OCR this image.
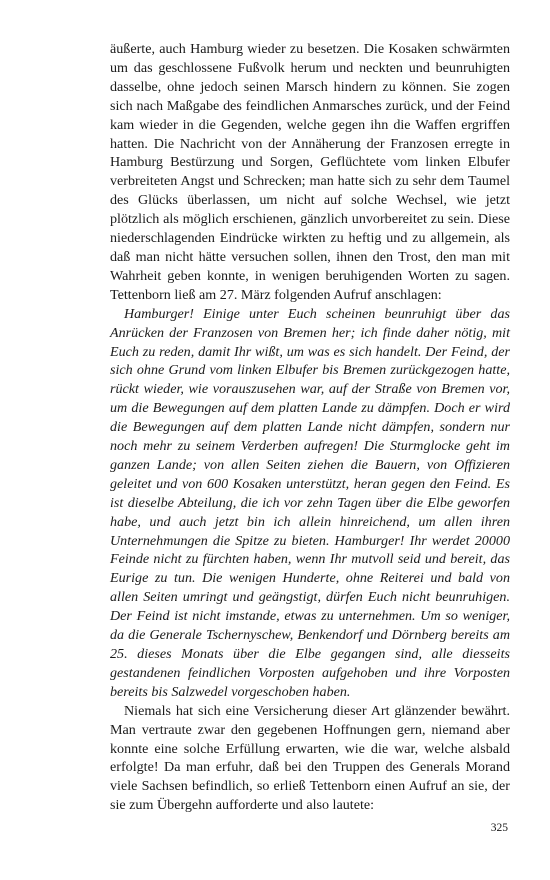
äußerte, auch Hamburg wieder zu besetzen. Die Kosaken schwärmten um das geschlossene Fußvolk herum und neckten und beunruhigten dasselbe, ohne jedoch seinen Marsch hindern zu können. Sie zogen sich nach Maßgabe des feindlichen Anmarsches zurück, und der Feind kam wieder in die Gegenden, welche gegen ihn die Waffen ergriffen hatten. Die Nachricht von der Annäherung der Franzosen erregte in Hamburg Bestürzung und Sorgen, Geflüchtete vom linken Elbufer verbreiteten Angst und Schrecken; man hatte sich zu sehr dem Taumel des Glücks überlassen, um nicht auf solche Wechsel, wie jetzt plötzlich als möglich erschienen, gänzlich unvorbereitet zu sein. Diese niederschlagenden Eindrücke wirkten zu heftig und zu allgemein, als daß man nicht hätte versuchen sollen, ihnen den Trost, den man mit Wahrheit geben konnte, in wenigen beruhigenden Worten zu sagen. Tettenborn ließ am 27. März folgenden Aufruf anschlagen:

Hamburger! Einige unter Euch scheinen beunruhigt über das Anrücken der Franzosen von Bremen her; ich finde daher nötig, mit Euch zu reden, damit Ihr wißt, um was es sich handelt. Der Feind, der sich ohne Grund vom linken Elbufer bis Bremen zurückgezogen hatte, rückt wieder, wie vorauszusehen war, auf der Straße von Bremen vor, um die Bewegungen auf dem platten Lande zu dämpfen. Doch er wird die Bewegungen auf dem platten Lande nicht dämpfen, sondern nur noch mehr zu seinem Verderben aufregen! Die Sturmglocke geht im ganzen Lande; von allen Seiten ziehen die Bauern, von Offizieren geleitet und von 600 Kosaken unterstützt, heran gegen den Feind. Es ist dieselbe Abteilung, die ich vor zehn Tagen über die Elbe geworfen habe, und auch jetzt bin ich allein hinreichend, um allen ihren Unternehmungen die Spitze zu bieten. Hamburger! Ihr werdet 20000 Feinde nicht zu fürchten haben, wenn Ihr mutvoll seid und bereit, das Eurige zu tun. Die wenigen Hunderte, ohne Reiterei und bald von allen Seiten umringt und geängstigt, dürfen Euch nicht beunruhigen. Der Feind ist nicht imstande, etwas zu unternehmen. Um so weniger, da die Generale Tschernyschew, Benkendorf und Dörnberg bereits am 25. dieses Monats über die Elbe gegangen sind, alle diesseits gestandenen feindlichen Vorposten aufgehoben und ihre Vorposten bereits bis Salzwedel vorgeschoben haben.

Niemals hat sich eine Versicherung dieser Art glänzender bewährt. Man vertraute zwar den gegebenen Hoffnungen gern, niemand aber konnte eine solche Erfüllung erwarten, wie die war, welche alsbald erfolgte! Da man erfuhr, daß bei den Truppen des Generals Morand viele Sachsen befindlich, so erließ Tettenborn einen Aufruf an sie, der sie zum Übergehn aufforderte und also lautete:

325
